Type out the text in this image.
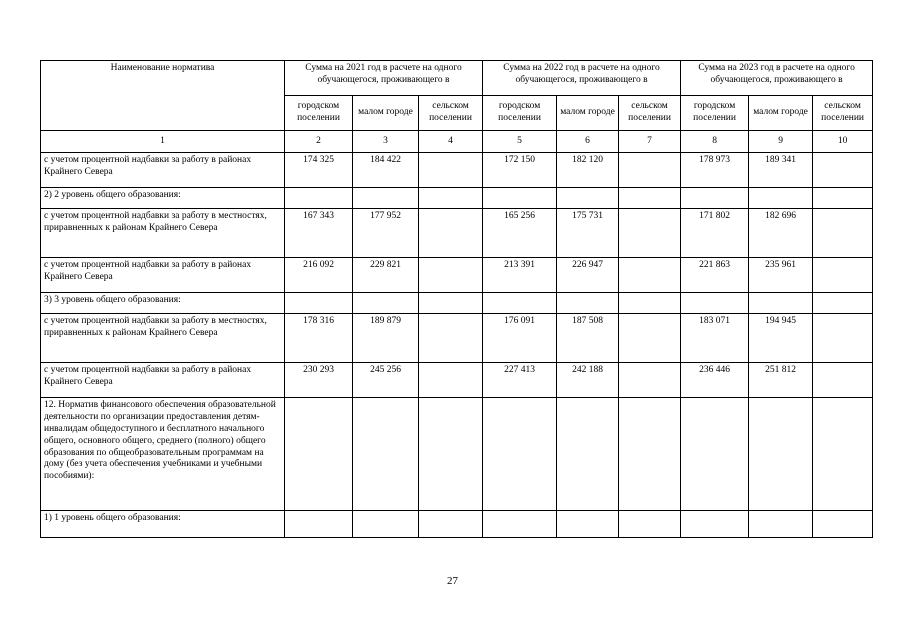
Наименование норматива	Сумма на 2021 год в расчете на одного обучающегося, проживающего в			Сумма на 2022 год в расчете на одного обучающегося, проживающего в			Сумма на 2023 год в расчете на одного обучающегося, проживающего в		
	городском поселении	малом городе	сельском поселении	городском поселении	малом городе	сельском поселении	городском поселении	малом городе	сельском поселении
1	2	3	4	5	6	7	8	9	10
с учетом процентной надбавки за работу в районах Крайнего Севера	174 325	184 422		172 150	182 120		178 973	189 341	
2) 2 уровень общего образования:									
с учетом процентной надбавки за работу в местностях, приравненных к районам Крайнего Севера	167 343	177 952		165 256	175 731		171 802	182 696	
с учетом процентной надбавки за работу в районах Крайнего Севера	216 092	229 821		213 391	226 947		221 863	235 961	
3) 3 уровень общего образования:									
с учетом процентной надбавки за работу в местностях, приравненных к районам Крайнего Севера	178 316	189 879		176 091	187 508		183 071	194 945	
с учетом процентной надбавки за работу в районах Крайнего Севера	230 293	245 256		227 413	242 188		236 446	251 812	
12. Норматив финансового обеспечения образовательной деятельности по организации предоставления детям-инвалидам общедоступного и бесплатного начального общего, основного общего, среднего (полного) общего образования по общеобразовательным программам на дому (без учета обеспечения учебниками и учебными пособиями):									
1) 1 уровень общего образования:									
27
